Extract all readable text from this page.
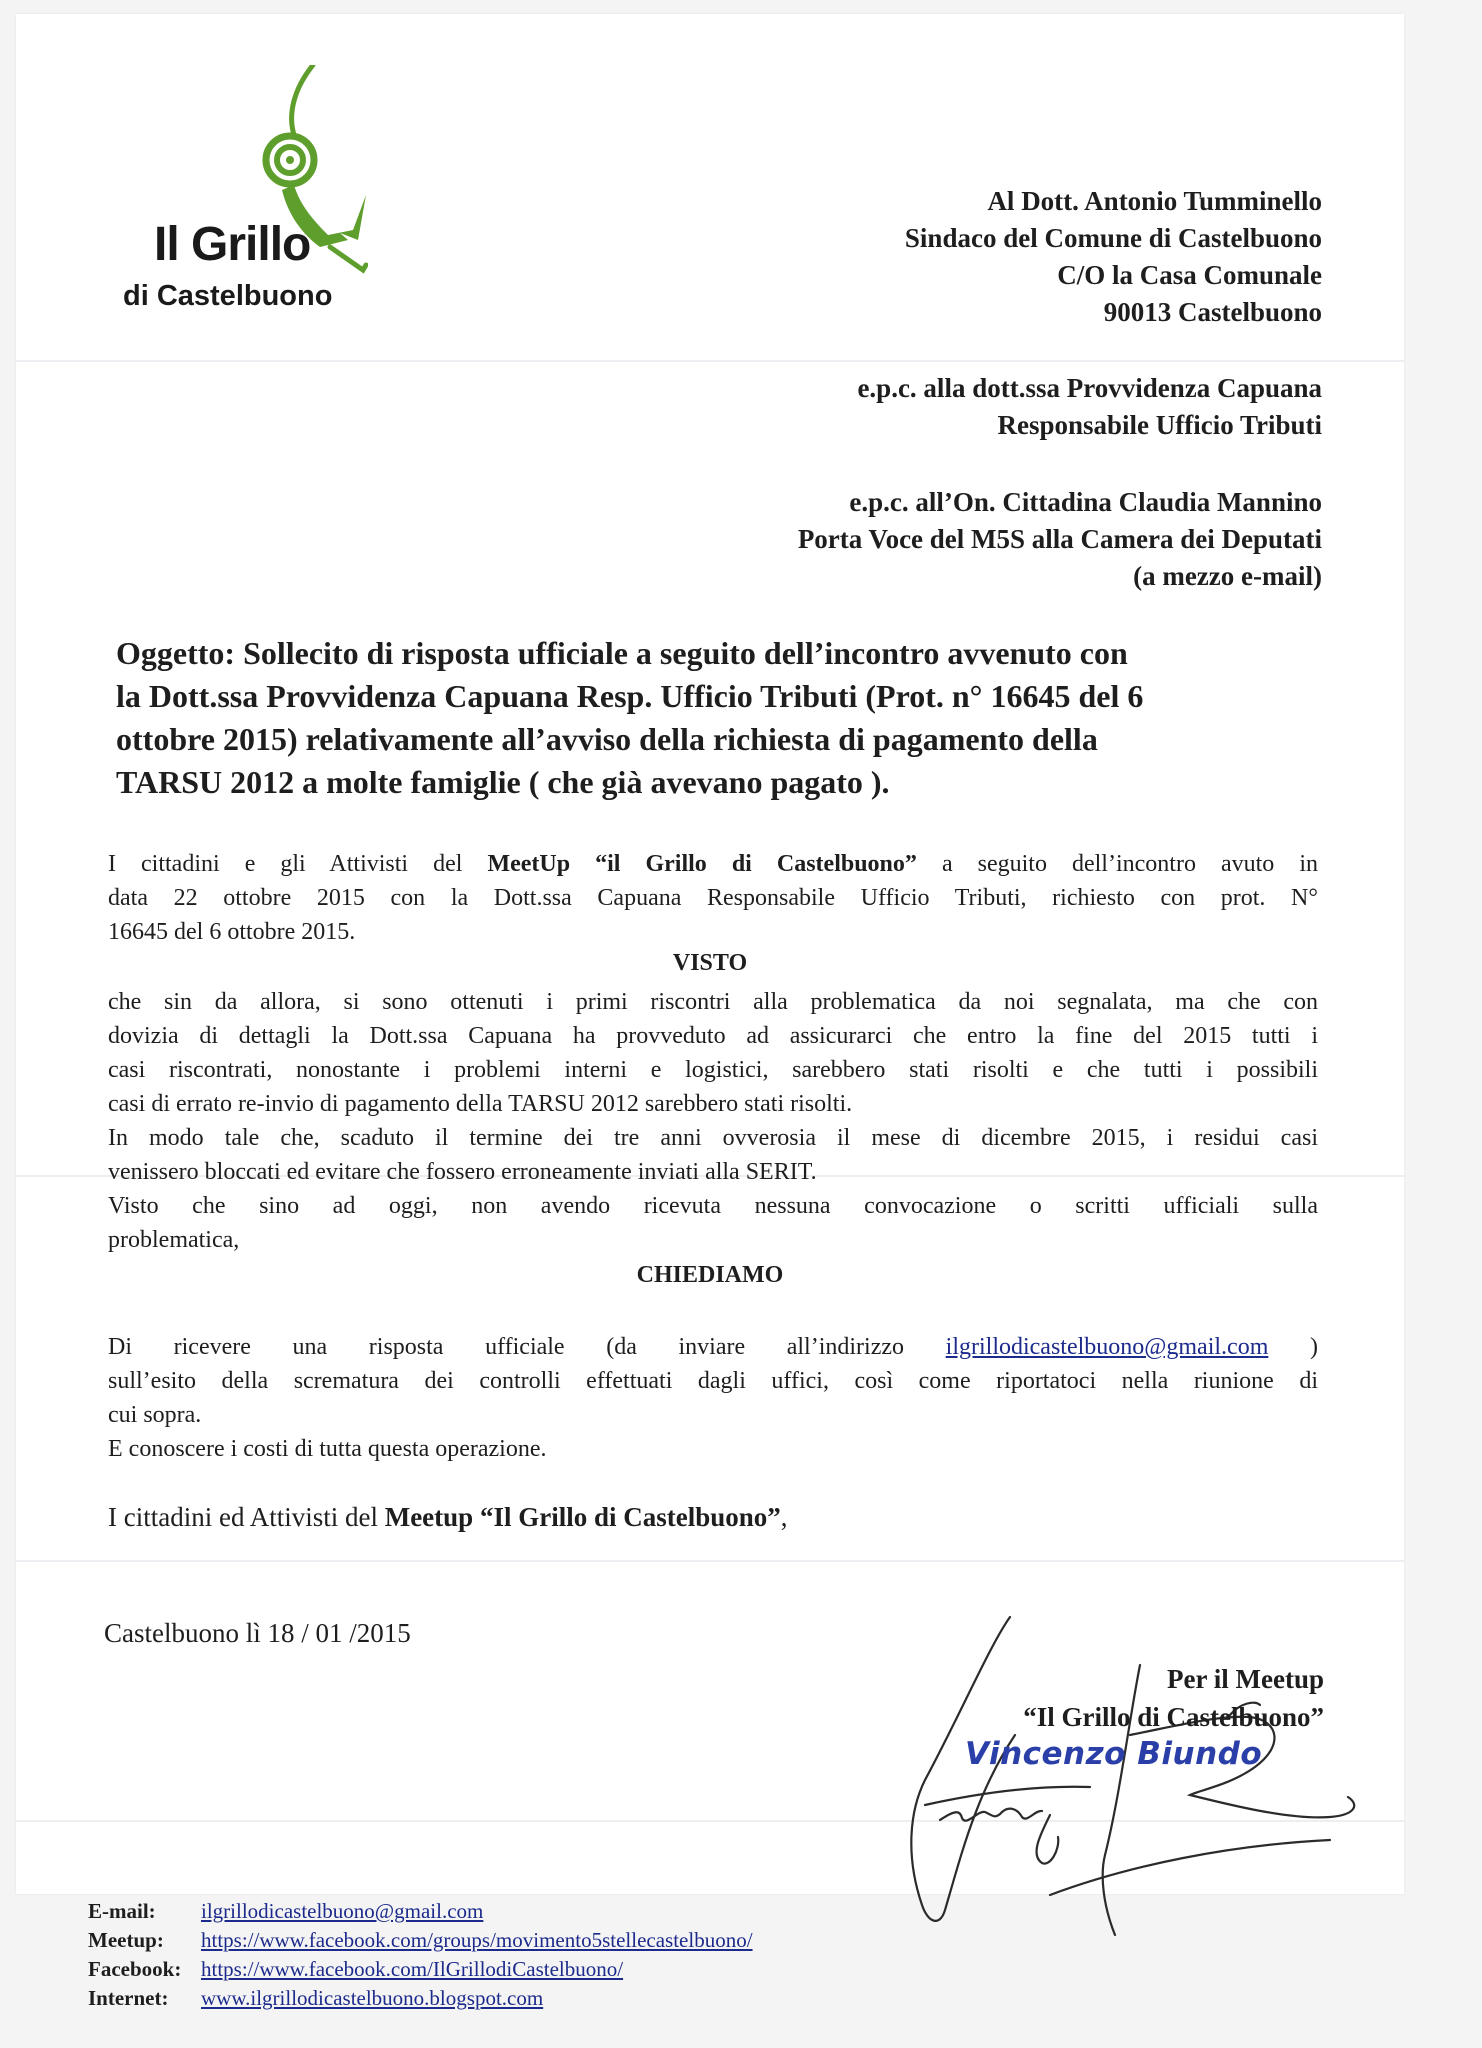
Il Grillo
di Castelbuono
Al Dott. Antonio Tumminello
Sindaco del Comune di Castelbuono
C/O la Casa Comunale
90013 Castelbuono
e.p.c. alla dott.ssa Provvidenza Capuana
Responsabile Ufficio Tributi
e.p.c. all’On. Cittadina Claudia Mannino
Porta Voce del M5S alla Camera dei Deputati
(a mezzo e-mail)
Oggetto: Sollecito di risposta ufficiale a seguito dell’incontro avvenuto con
la Dott.ssa Provvidenza Capuana Resp. Ufficio Tributi (Prot. n° 16645 del 6
ottobre 2015) relativamente all’avviso della richiesta di pagamento della
TARSU 2012 a molte famiglie ( che già avevano pagato ).
I cittadini e gli Attivisti del MeetUp “il Grillo di Castelbuono” a seguito dell’incontro avuto in
data 22 ottobre 2015 con la Dott.ssa Capuana Responsabile Ufficio Tributi, richiesto con prot. N°
16645 del 6 ottobre 2015.
VISTO
che sin da allora, si sono ottenuti i primi riscontri alla problematica da noi segnalata, ma che con
dovizia di dettagli la Dott.ssa Capuana ha provveduto ad assicurarci che entro la fine del 2015 tutti i
casi riscontrati, nonostante i problemi interni e logistici, sarebbero stati risolti e che tutti i possibili
casi di errato re-invio di pagamento della TARSU 2012 sarebbero stati risolti.
In modo tale che, scaduto il termine dei tre anni ovverosia il mese di dicembre 2015, i residui casi
venissero bloccati ed evitare che fossero erroneamente inviati alla SERIT.
Visto che sino ad oggi, non avendo ricevuta nessuna convocazione o scritti ufficiali sulla
problematica,
CHIEDIAMO
Di ricevere una risposta ufficiale (da inviare all’indirizzo ilgrillodicastelbuono@gmail.com )
sull’esito della scrematura dei controlli effettuati dagli uffici, così come riportatoci nella riunione di
cui sopra.
E conoscere i costi di tutta questa operazione.
I cittadini ed Attivisti del Meetup “Il Grillo di Castelbuono”,
Castelbuono lì 18 / 01 /2015
Per il Meetup
“Il Grillo di Castelbuono”
Vincenzo Biundo
E-mail:	ilgrillodicastelbuono@gmail.com
Meetup:	https://www.facebook.com/groups/movimento5stellecastelbuono/
Facebook: https://www.facebook.com/IlGrillodiCastelbuono/
Internet:	www.ilgrillodicastelbuono.blogspot.com
